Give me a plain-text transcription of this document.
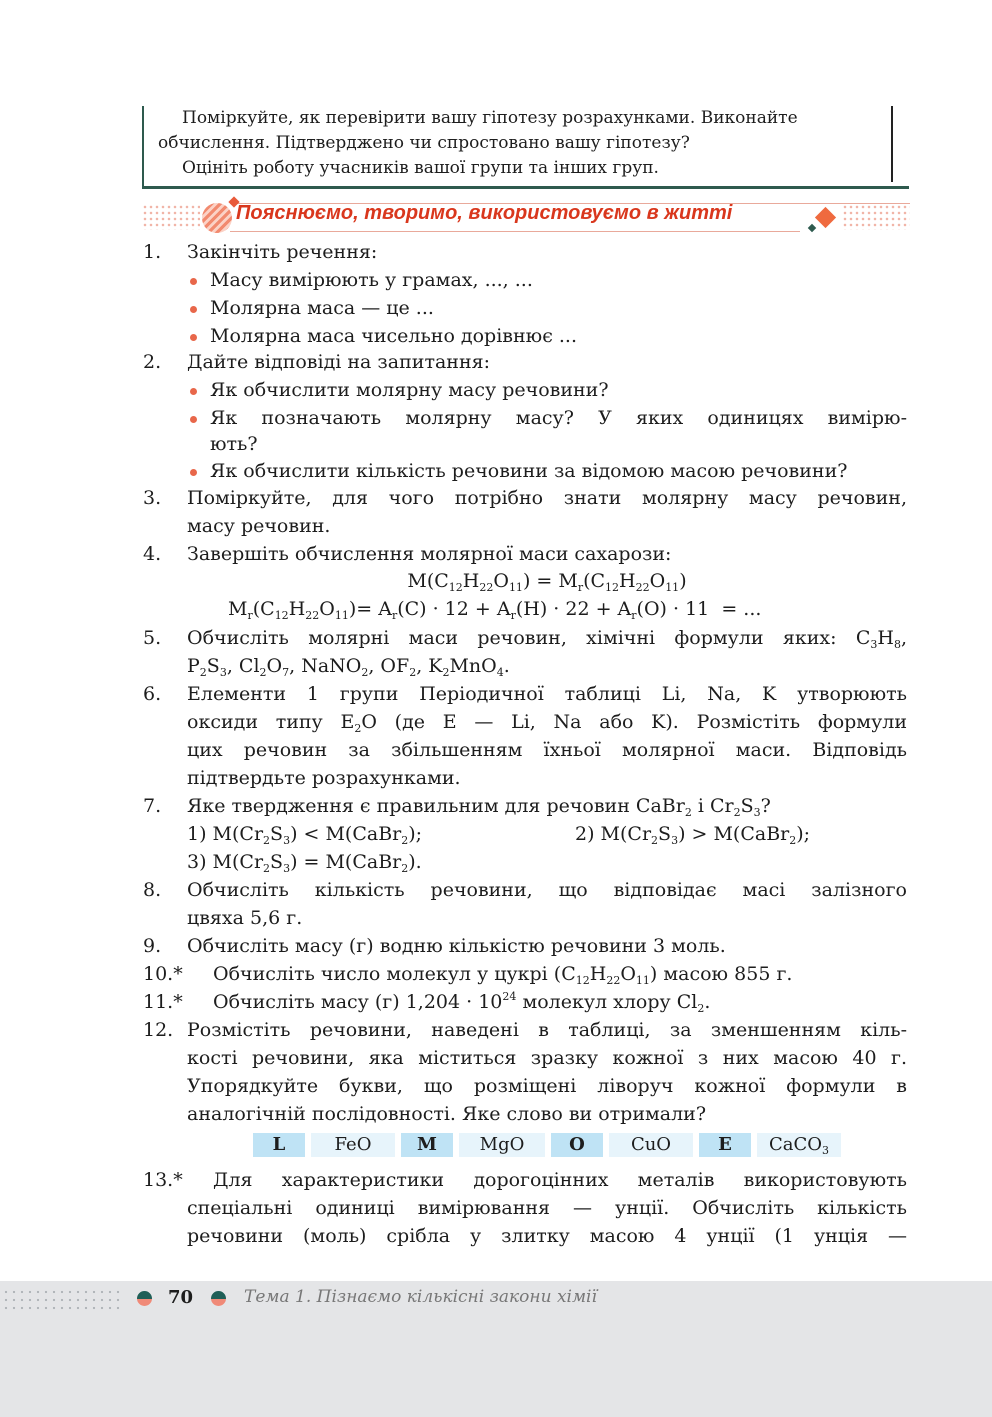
Поміркуйте, як перевірити вашу гіпотезу розрахунками. Виконайте

обчислення. Підтверджено чи спростовано вашу гіпотезу?

Оцініть роботу учасників вашої групи та інших груп.

Пояснюємо, творимо, використовуємо в житті
1. Закінчіть речення:
Масу вимірюють у грамах, ..., ...
Молярна маса — це ...
Молярна маса чисельно дорівнює ...
2. Дайте відповіді на запитання:
Як обчислити молярну масу речовини?
Як позначають молярну масу? У яких одиницях вимірю-
ють?
Як обчислити кількість речовини за відомою масою речовини?
3. Поміркуйте, для чого потрібно знати молярну масу речовин,
масу речовин.
4. Завершіть обчислення молярної маси сахарози:
$M(C_{12}H_{22}O_{11}) = M_r(C_{12}H_{22}O_{11})$
$M_r(C_{12}H_{22}O_{11})= A_r(C) \cdot 12 + A_r(H) \cdot 22 + A_r(O) \cdot 11$  = ...
5. Обчисліть молярні маси речовин, хімічні формули яких: $C_3H_8$,
$P_2S_3$, $Cl_2O_7$, NaNO$_2$, $OF_2$, $K_2MnO_4$.
6. Елементи 1 групи Періодичної таблиці Li, Na, K утворюють
оксиди типу $E_2O$ (де E — Li, Na або K). Розмістіть формули
цих речовин за збільшенням їхньої молярної маси. Відповідь
підтвердьте розрахунками.
7. Яке твердження є правильним для речовин CaBr$_2$ і $Cr_2S_3$?
1) $M(Cr_2S_3)$ < M(CaBr$_2$);	2) $M(Cr_2S_3)$ > M(CaBr$_2$);
3) $M(Cr_2S_3)$ = M(CaBr$_2$).
8. Обчисліть кількість речовини, що відповідає масі залізного
цвяха 5,6 г.
9. Обчисліть масу (г) водню кількістю речовини 3 моль.
10.* Обчисліть число молекул у цукрі $(C_{12}H_{22}O_{11})$ масою 855 г.
11.* Обчисліть масу (г) $1,204 \cdot 10^{24}$ молекул хлору $Cl_2$.
12. Розмістіть речовини, наведені в таблиці, за зменшенням кіль-
кості речовини, яка міститься зразку кожної з них масою 40 г.
Упорядкуйте букви, що розміщені ліворуч кожної формули в
аналогічній послідовності. Яке слово ви отримали?
L	FeO	M	MgO	O	CuO	E	CaCO$_3$
13.* Для характеристики дорогоцінних металів використовують
спеціальні одиниці вимірювання — унції. Обчисліть кількість
речовини (моль) срібла у злитку масою 4 унції (1 унція —
70	Тема 1. Пізнаємо кількісні закони хімії
